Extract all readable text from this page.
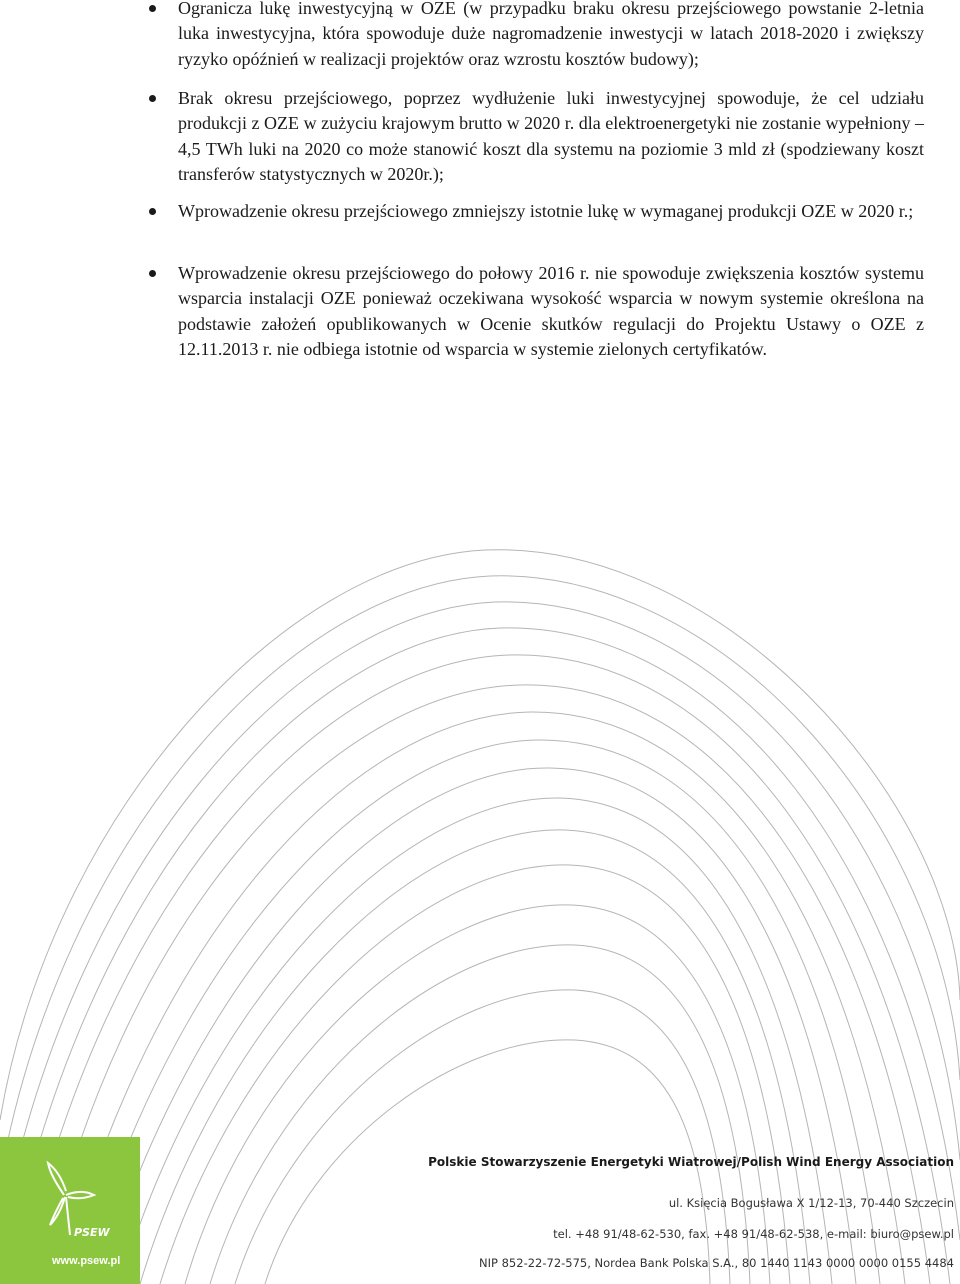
Ogranicza lukę inwestycyjną w OZE (w przypadku braku okresu przejściowego powstanie 2-letnia luka inwestycyjna, która spowoduje duże nagromadzenie inwestycji w latach 2018-2020 i zwiększy ryzyko opóźnień w realizacji projektów oraz wzrostu kosztów budowy);
Brak okresu przejściowego, poprzez wydłużenie luki inwestycyjnej spowoduje, że cel udziału produkcji z OZE w zużyciu krajowym brutto w 2020 r. dla elektroenergetyki nie zostanie wypełniony – 4,5 TWh luki na 2020 co może stanowić koszt dla systemu na poziomie 3 mld zł (spodziewany koszt transferów statystycznych w 2020r.);
Wprowadzenie okresu przejściowego zmniejszy istotnie lukę w wymaganej produkcji OZE w 2020 r.;
Wprowadzenie okresu przejściowego do połowy 2016 r. nie spowoduje zwiększenia kosztów systemu wsparcia instalacji OZE ponieważ oczekiwana wysokość wsparcia w nowym systemie określona na podstawie założeń opublikowanych w Ocenie skutków regulacji do Projektu Ustawy o OZE z 12.11.2013 r. nie odbiega istotnie od wsparcia w systemie zielonych certyfikatów.
PSEW
www.psew.pl
Polskie Stowarzyszenie Energetyki Wiatrowej/Polish Wind Energy Association
ul. Księcia Bogusława X 1/12-13, 70-440 Szczecin
tel. +48 91/48-62-530, fax. +48 91/48-62-538, e-mail: biuro@psew.pl
NIP 852-22-72-575, Nordea Bank Polska S.A., 80 1440 1143 0000 0000 0155 4484
